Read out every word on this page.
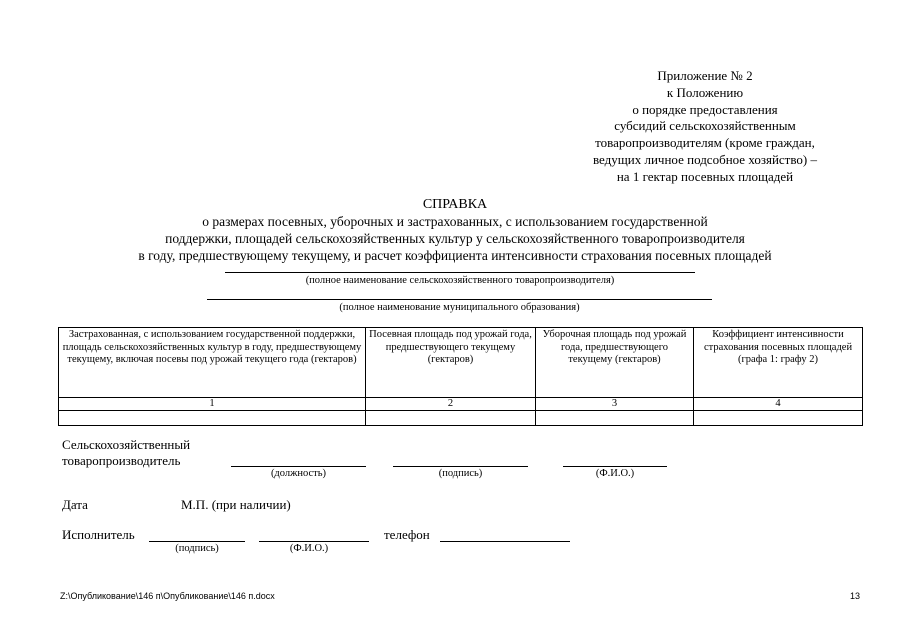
Приложение № 2
к Положению
о порядке предоставления
субсидий сельскохозяйственным
товаропроизводителям (кроме граждан,
ведущих личное подсобное хозяйство) –
на 1 гектар посевных площадей
СПРАВКА
о размерах посевных, уборочных и застрахованных, с использованием государственной
поддержки, площадей сельскохозяйственных культур у сельскохозяйственного товаропроизводителя
в году, предшествующему текущему, и расчет коэффициента интенсивности страхования посевных площадей
(полное наименование сельскохозяйственного товаропроизводителя)
(полное наименование муниципального образования)
Застрахованная, с использованием государственной поддержки, площадь сельскохозяйственных культур в году, предшествующему текущему, включая посевы под урожай текущего года (гектаров)	Посевная площадь под урожай года, предшествующего текущему (гектаров)	Уборочная площадь под урожай года, предшествующего текущему (гектаров)	Коэффициент интенсивности страхования посевных площадей (графа 1: графу 2)
1	2	3	4

Сельскохозяйственный
товаропроизводитель
(должность)	(подпись)	(Ф.И.О.)
Дата	М.П. (при наличии)
Исполнитель
(подпись)	(Ф.И.О.)
телефон
Z:\Опубликование\146 п\Опубликование\146 п.docx	13
